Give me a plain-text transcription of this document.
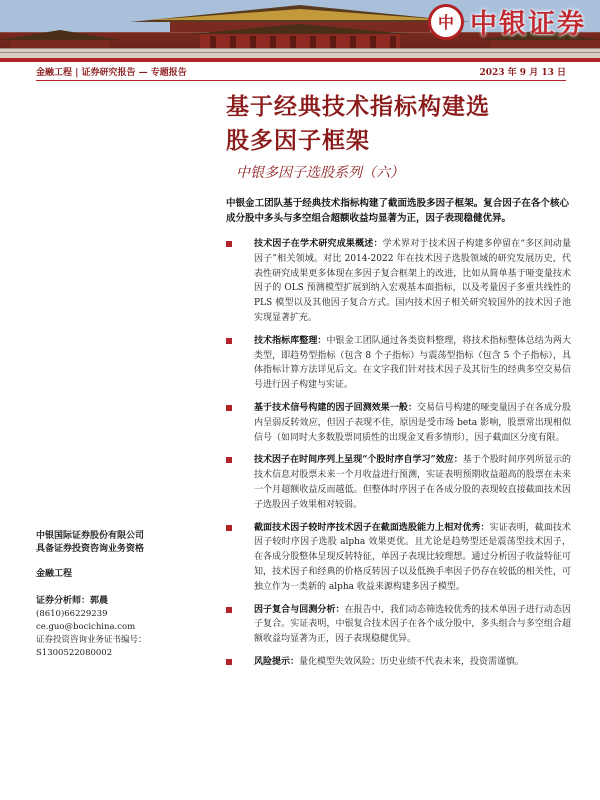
中 中银证券
金融工程 | 证券研究报告 — 专题报告	2023 年 9 月 13 日
基于经典技术指标构建选
股多因子框架
中银多因子选股系列（六）
中银金工团队基于经典技术指标构建了截面选股多因子框架。复合因子在各个核心成分股中多头与多空组合超额收益均显著为正，因子表现稳健优异。
技术因子在学术研究成果概述：学术界对于技术因子构建多停留在“多区间动量因子”相关领域。对比 2014-2022 年在技术因子选股领域的研究发展历史，代表性研究成果更多体现在多因子复合框架上的改进，比如从简单基于哑变量技术因子的 OLS 预测模型扩展到纳入宏观基本面指标，以及考量因子多重共线性的 PLS 模型以及其他因子复合方式。国内技术因子相关研究较国外的技术因子池实现显著扩充。
技术指标库整理：中银金工团队通过各类资料整理，将技术指标整体总结为两大类型，即趋势型指标（包含 8 个子指标）与震荡型指标（包含 5 个子指标），具体指标计算方法详见后文。在文字我们针对技术因子及其衍生的经典多空交易信号进行因子构建与实证。
基于技术信号构建的因子回测效果一般：交易信号构建的哑变量因子在各成分股内呈弱反转效应，但因子表现不佳，原因是受市场 beta 影响，股票常出现相似信号（如同时大多数股票同质性的出现金叉看多情形），因子截面区分度有限。
技术因子在时间序列上呈现“个股时序自学习”效应：基于个股时间序列所显示的技术信息对股票未来一个月收益进行预测，实证表明预期收益超高的股票在未来一个月超额收益反而越低。但整体时序因子在各成分股的表现较直接截面技术因子选股因子效果相对较弱。
截面技术因子较时序技术因子在截面选股能力上相对优秀：实证表明，截面技术因子较时序因子选股 alpha 效果更优。且尤论是趋势型还是震荡型技术因子，在各成分股整体呈现反转特征，单因子表现比较理想。通过分析因子收益特征可知，技术因子和经典的价格反转因子以及低换手率因子仍存在较低的相关性，可独立作为一类新的 alpha 收益来源构建多因子模型。
因子复合与回测分析：在报告中，我们动态筛选较优秀的技术单因子进行动态因子复合。实证表明，中银复合技术因子在各个成分股中，多头组合与多空组合超额收益均显著为正，因子表现稳健优异。
风险提示：量化模型失效风险；历史业绩不代表未来，投资需谨慎。
中银国际证券股份有限公司
具备证券投资咨询业务资格
金融工程
证券分析师：郭晨
(8610)66229239
ce.guo@bocichina.com
证券投资咨询业务证书编号：S1300522080002
